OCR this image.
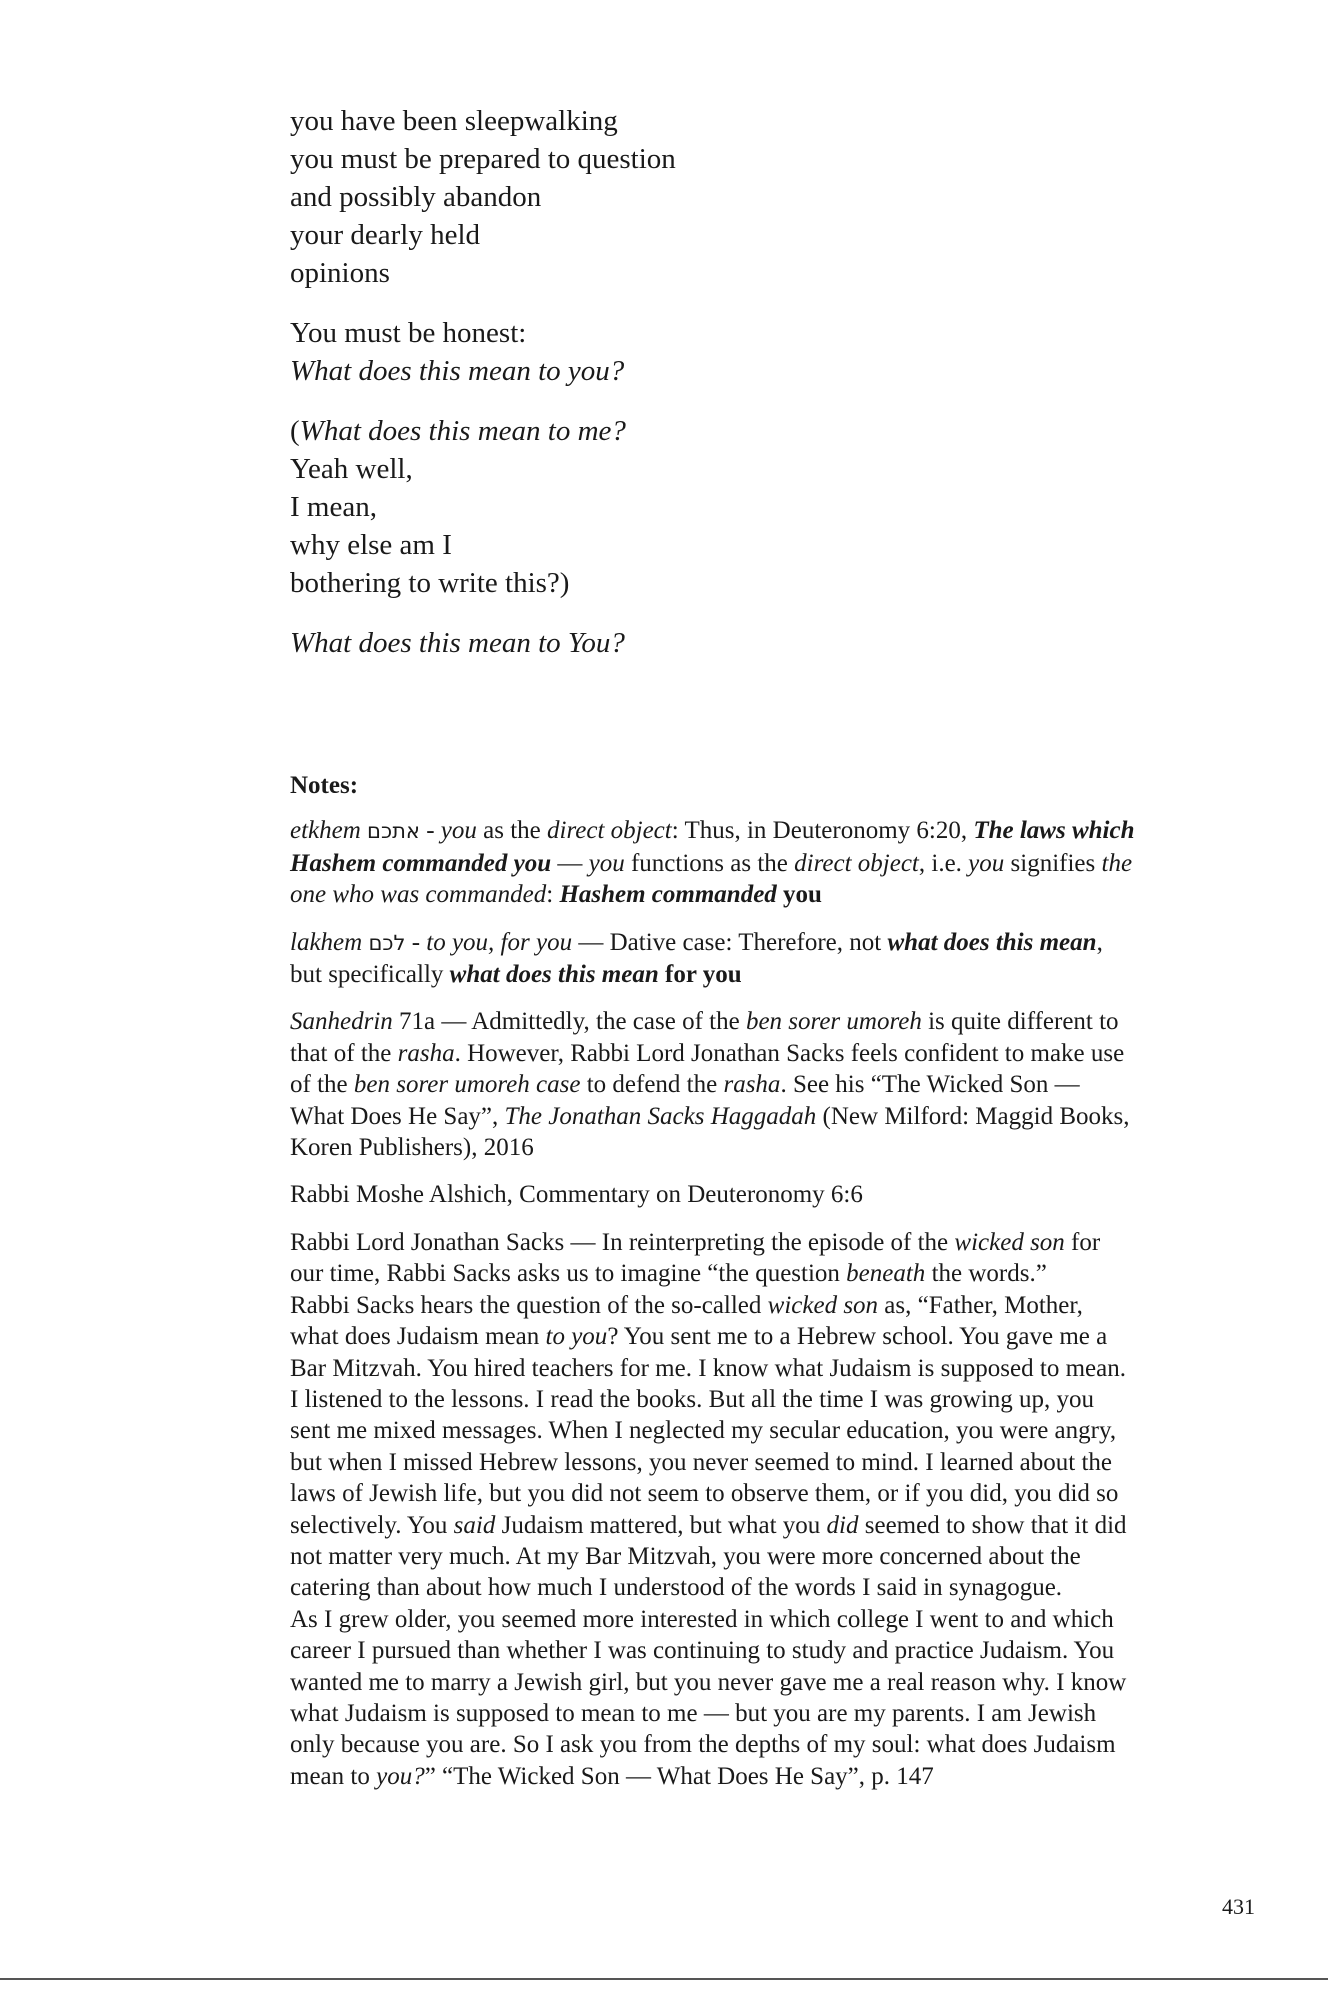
you have been sleepwalking
you must be prepared to question
and possibly abandon
your dearly held
opinions
You must be honest:
What does this mean to you?
(What does this mean to me?
Yeah well,
I mean,
why else am I
bothering to write this?)
What does this mean to You?
Notes:
etkhem אתכם - you as the direct object: Thus, in Deuteronomy 6:20, The laws which
Hashem commanded you — you functions as the direct object, i.e. you signifies the
one who was commanded: Hashem commanded you
lakhem לכם - to you, for you — Dative case: Therefore, not what does this mean,
but specifically what does this mean for you
Sanhedrin 71a — Admittedly, the case of the ben sorer umoreh is quite different to
that of the rasha. However, Rabbi Lord Jonathan Sacks feels confident to make use
of the ben sorer umoreh case to defend the rasha. See his “The Wicked Son —
What Does He Say”, The Jonathan Sacks Haggadah (New Milford: Maggid Books,
Koren Publishers), 2016
Rabbi Moshe Alshich, Commentary on Deuteronomy 6:6
Rabbi Lord Jonathan Sacks — In reinterpreting the episode of the wicked son for
our time, Rabbi Sacks asks us to imagine “the question beneath the words.”
Rabbi Sacks hears the question of the so-called wicked son as, “Father, Mother,
what does Judaism mean to you? You sent me to a Hebrew school. You gave me a
Bar Mitzvah. You hired teachers for me. I know what Judaism is supposed to mean.
I listened to the lessons. I read the books. But all the time I was growing up, you
sent me mixed messages. When I neglected my secular education, you were angry,
but when I missed Hebrew lessons, you never seemed to mind. I learned about the
laws of Jewish life, but you did not seem to observe them, or if you did, you did so
selectively. You said Judaism mattered, but what you did seemed to show that it did
not matter very much. At my Bar Mitzvah, you were more concerned about the
catering than about how much I understood of the words I said in synagogue.
As I grew older, you seemed more interested in which college I went to and which
career I pursued than whether I was continuing to study and practice Judaism. You
wanted me to marry a Jewish girl, but you never gave me a real reason why. I know
what Judaism is supposed to mean to me — but you are my parents. I am Jewish
only because you are. So I ask you from the depths of my soul: what does Judaism
mean to you?” “The Wicked Son — What Does He Say”, p. 147
431
